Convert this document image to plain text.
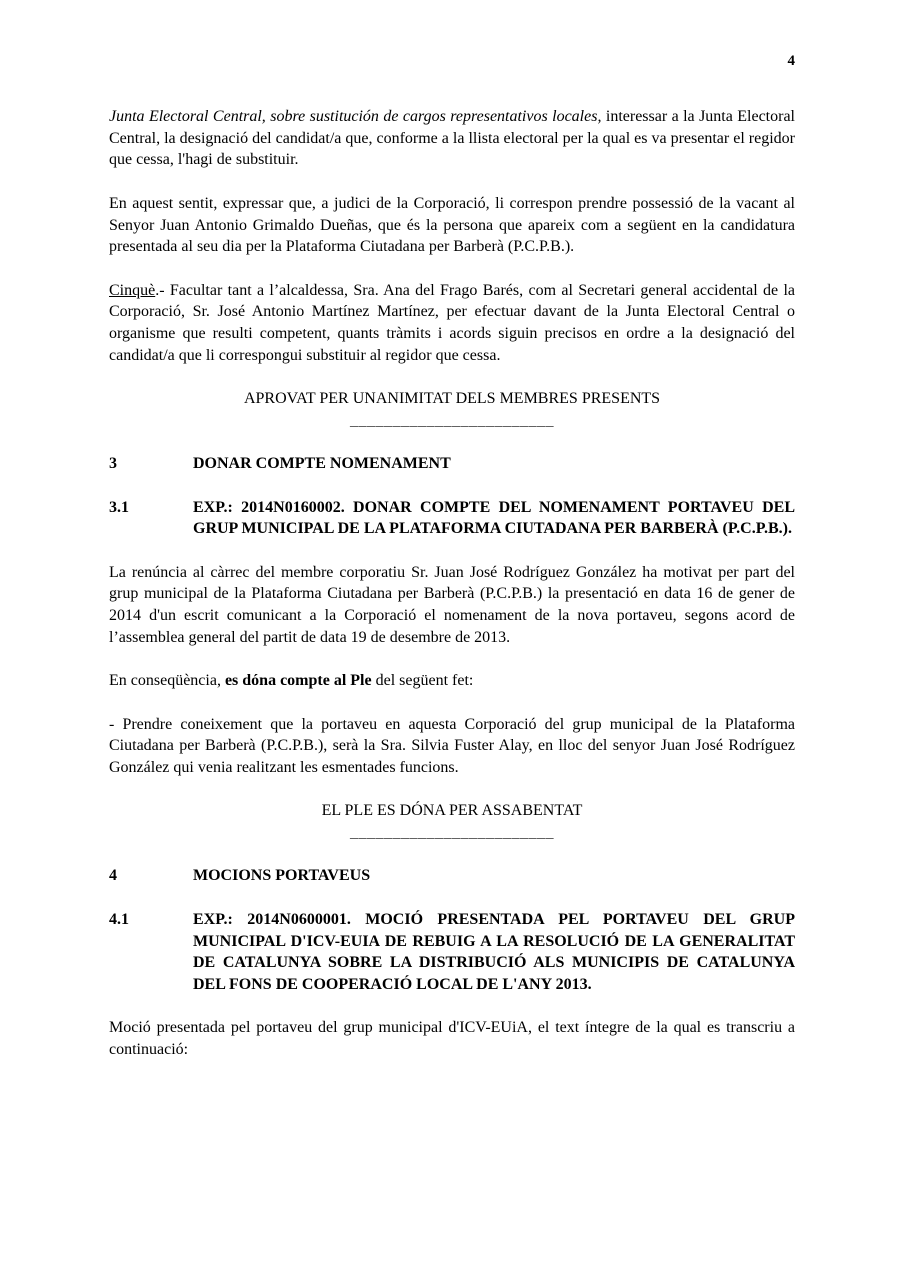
4

Junta Electoral Central, sobre sustitución de cargos representativos locales, interessar a la Junta Electoral Central, la designació del candidat/a que, conforme a la llista electoral per la qual es va presentar el regidor que cessa, l'hagi de substituir.

En aquest sentit, expressar que, a judici de la Corporació, li correspon prendre possessió de la vacant al Senyor Juan Antonio Grimaldo Dueñas, que és la persona que apareix com a següent en la candidatura presentada al seu dia per la Plataforma Ciutadana per Barberà (P.C.P.B.).

Cinquè.- Facultar tant a l’alcaldessa, Sra. Ana del Frago Barés, com al Secretari general accidental de la Corporació, Sr. José Antonio Martínez Martínez, per efectuar davant de la Junta Electoral Central o organisme que resulti competent, quants tràmits i acords siguin precisos en ordre a la designació del candidat/a que li correspongui substituir al regidor que cessa.

APROVAT PER UNANIMITAT DELS MEMBRES PRESENTS
________________________
3	DONAR COMPTE NOMENAMENT
3.1	EXP.: 2014N0160002. DONAR COMPTE DEL NOMENAMENT PORTAVEU DEL GRUP MUNICIPAL DE LA PLATAFORMA CIUTADANA PER BARBERÀ (P.C.P.B.).

La renúncia al càrrec del membre corporatiu Sr. Juan José Rodríguez González ha motivat per part del grup municipal de la Plataforma Ciutadana per Barberà (P.C.P.B.) la presentació en data 16 de gener de 2014 d'un escrit comunicant a la Corporació el nomenament de la nova portaveu, segons acord de l’assemblea general del partit de data 19 de desembre de 2013.

En conseqüència, es dóna compte al Ple del següent fet:

- Prendre coneixement que la portaveu en aquesta Corporació del grup municipal de la Plataforma Ciutadana per Barberà (P.C.P.B.), serà la Sra. Silvia Fuster Alay, en lloc del senyor Juan José Rodríguez González qui venia realitzant les esmentades funcions.

EL PLE ES DÓNA PER ASSABENTAT
________________________
4	MOCIONS PORTAVEUS
4.1	EXP.: 2014N0600001. MOCIÓ PRESENTADA PEL PORTAVEU DEL GRUP MUNICIPAL D'ICV-EUIA DE REBUIG A LA RESOLUCIÓ DE LA GENERALITAT DE CATALUNYA SOBRE LA DISTRIBUCIÓ ALS MUNICIPIS DE CATALUNYA DEL FONS DE COOPERACIÓ LOCAL DE L'ANY 2013.

Moció presentada pel portaveu del grup municipal d'ICV-EUiA, el text íntegre de la qual es transcriu a continuació:
